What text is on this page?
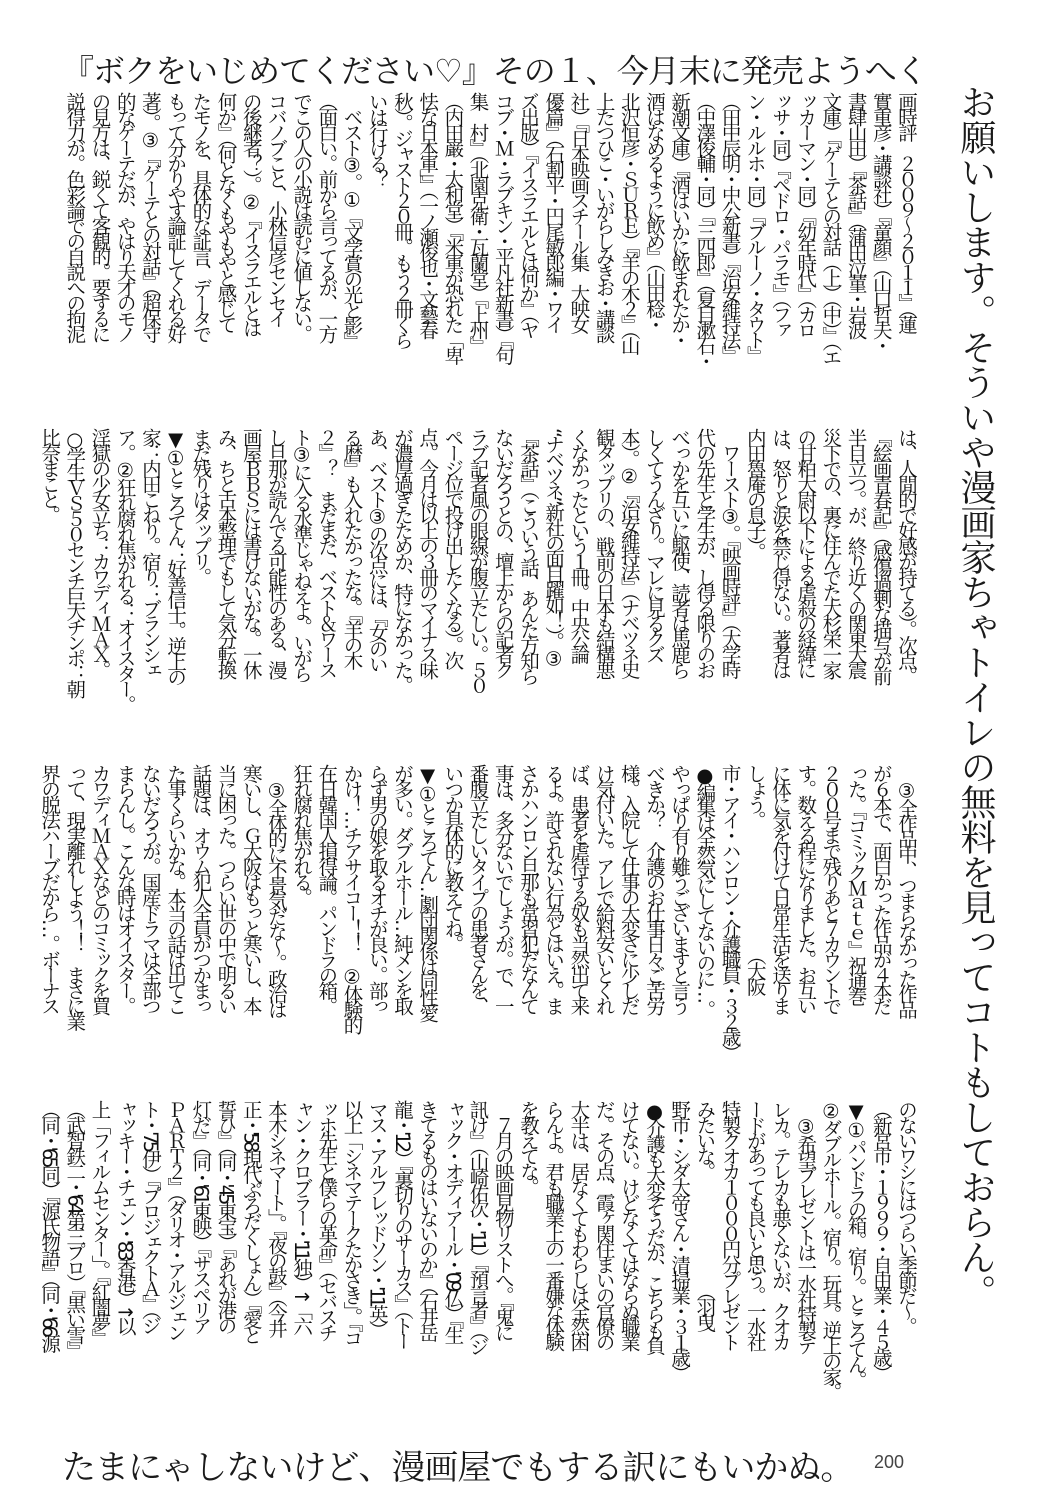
『ボクをいじめてください♡』その１、今月末に発売ようへく
お願いします。そういや漫画家ちゃトイレの無料を見ってコトもしておらん。
たまにゃしないけど、漫画屋でもする訳にもいかぬ。
画時評　２００９〜２０１１』（蓮
實重彦・講談社）『童顔』（山口哲夫・
書肆山田）『茶話』（蒲田泣菫・岩波
文庫）『ゲーテとの対話（上）（中）』（エ
ッカーマン・同）『幼年時代』（カロ
ッサ・同）『ペドロ・パラモ』（ファ
ン・ルルホ・同）『ブルーノ・タウト』
（田中辰明・中公新書）『治安維持法』
（中澤俊輔・同）『三四郎』（夏目漱石・
新潮文庫）『酒はいかに飲まれたか・
酒はなめるように飲め』（山田稔・
北沢恒彦・ＳＵＲＥ）『羊の木２』（山
上たつひこ・いがらしみきお・講談
社）『日本映画スチール集　大映女
優篇』（石割平・円尾敏郎編・ワイ
ズ出版）『イスラエルとは何か』（ヤ
コブ・Ｍ・ラブキン・平凡社新書）『句
集　村』（北園克衛・瓦蘭堂）『上州』
（内田巌・太和堂）『米軍が恐れた「卑
怯な日本軍」』（一ノ瀬俊也・文藝春
秋）。ジャスト２０冊。もう２冊くら
いは行ける？
　ベスト③。①『文学賞の光と影』
（面白い。前から言ってるが、一方
でこの人の小説は読むに値しない。
コバノブこと、小林信彦センセイ
の後継者？）。②『イスラエルとは
何か』（何となくもやもやと感じて
たモノを、具体的な証言、データで
もって分かりやす論証してくれる好
著）。③『ゲーテとの対話』（超保守
的なゲーテだが、やはり天才のモノ
の見方は、鋭くて客観的。要するに
説得力が。色彩論での自説への拘泥
は、人間的で好感が持てる）。次点。
『絵画青春記』（感傷過剰な描写が前
半目立つ。が、終り近くの関東大震
災下での、裏に住んでた大杉栄一家
の甘粕大尉以下による虐殺の経緯に
は、怒りと涙を禁じ得ない。著者は
内田魯庵の息子）。
　ワースト③。『映画時評』（大学時
代の先生と学生が、し得る限りのお
べっかを互いに駆使、読者は馬鹿ら
しくてうんざり。マレに見るクズ
本）。②『治安維持法』（ナベツネ史
観タップリの、戦前の日本も結構悪
くなかったという１冊。中央公論
“ナベツネ”新社の面目躍如！）。③
『茶話』（こういう話、あんた方知ら
ないだろうとの、壇上からの記者ク
ラブ記者風の眼線が腹立たしい。５０
ページ位で投げ出したくなる）。次
点。今月は以上の３冊のマイナス味
が濃厚過ぎたためか、特になかった。
あ、ベスト③の次点には、『女のい
る暦』も入れたかったな。『羊の木
２』？　まだまだ、ベスト＆ワース
ト③に入る水準じゃねえよ。いがら
し旦那が読んでる可能性のある、漫
画屋ＢＢＳには書けないがな。一休
み、ちと古本整理でもして気分転換
まだ残りはタップリ。
▼①ところてん：好善信士。逆上の
家：内田こねり。宿り：ブランシェ
ア。②狂れ腐れ焦がれる：オイスター。
淫獄の少女立ち：カワディＭＡＸ。
○学生ＶＳ５０センチ巨大チンポ：朝
比奈まこと。
　③全作品中、つまらなかった作品
が６本で、面白かった作品が４本だ
った。『コミックＭａｔｅ』祝通巻
２００号まで残りあと７カウントで
す。数える程になりました。お互い
に体に気を付けて日常生活を送りま
しょう。　　　　　　　　　（大阪
市・アイ・ハンロン・介護職員・３２歳）
●編集は全然気にしてないのに…。
やっぱり有り難うございますと言う
べきか？　介護のお仕事日々ご苦労
様。入院して仕事の大変さに少しだ
け気付いた。アレで給料安いとくれ
ば、患者を虐待する奴も当然出て来
るよ。許されない行為とはいえ。ま
さかハンロン旦那も常習犯だなんて
事は、多分ないでしょうが。で、一
番腹立たしいタイプの患者さんを、
いつか具体的に教えてね。
▼①ところてん…劇団関係は同性愛
が多い。ダブルホール…純メンを取
らず男の娘を取るオチが良い。部っ
かけ！…チアサイコー！！　②体験的
在日韓国人損得論。パンドラの箱。
狂れ腐れ焦がれる。
　③全体的に不景気だな〜。政治は
寒いし、Ｇ大阪はもっと寒いし、本
当に困った。つらい世の中で明るい
話題は、オウム犯人全員がつかまっ
た事くらいかな。本当の話は出てこ
ないだろうが。国産ドラマは全部つ
まらんし。こんな時はオイスター。
カワディＭＡＸなどのコミックを買
って、現実離れしよう！！　まさに業
界の脱法ハーブだから…。ボーナス
のないワシにはつらい季節だ〜。
（新宮市・１９９９・自由業・４５歳）
▼①パンドラの箱。宿り。ところてん。
②ダブルホール。宿り。玩具。逆上の家。
　③希望プレゼントは一水社特製テ
レカ。テレカも悪くないが、クオカ
ードがあっても良いと思う。一水社
特製クオカ１０００円分プレゼント
みたいな。　　　　　　　　（羽曳
野市・シダ大帝さん・清掃業・３１歳）
●介護も大変そうだが、こちらも負
けてない。けどなくてはならぬ職業
だ。その点、霞ヶ関住まいの官僚の
大半は、居なくてもわらしは全然困
らんよ。君も職業上の一番嫌な体験
を教えてな。
　７月の映画見物リストへ。『鬼に
訊け』（山崎佑次・'11）『預言者』（ジ
ャック・オディアール・'09仏）『生
きてるものはいないのか』（石井岳
龍・'12）『裏切りのサーカス』（トー
マス・アルフレッドソン・'11英）
以上「シネマテークたかさき」。『コ
ッホ先生と僕らの革命』（セバスチ
ャン・クロブラー・'11独）↑「六
本木シネマート」。『夜の鼓』（今井
正・'58現代ぷろだくしょん）『愛と
誓ひ』（同・'45東宝）『あれが港の
灯だ』（同・'61東映）『サスペリア
ＰＡＲＴ２』（ダリオ・アルジェン
ト・'75伊）『プロジェクトＡ』（ジ
ャッキー・チェン・'83香港）↑以
上「フィルムセンター」。『紅闇夢』
（武智鉄二・'64第三プロ）『黒い雪』
（同・'65同）『源氏物語』（同・'66源
200
